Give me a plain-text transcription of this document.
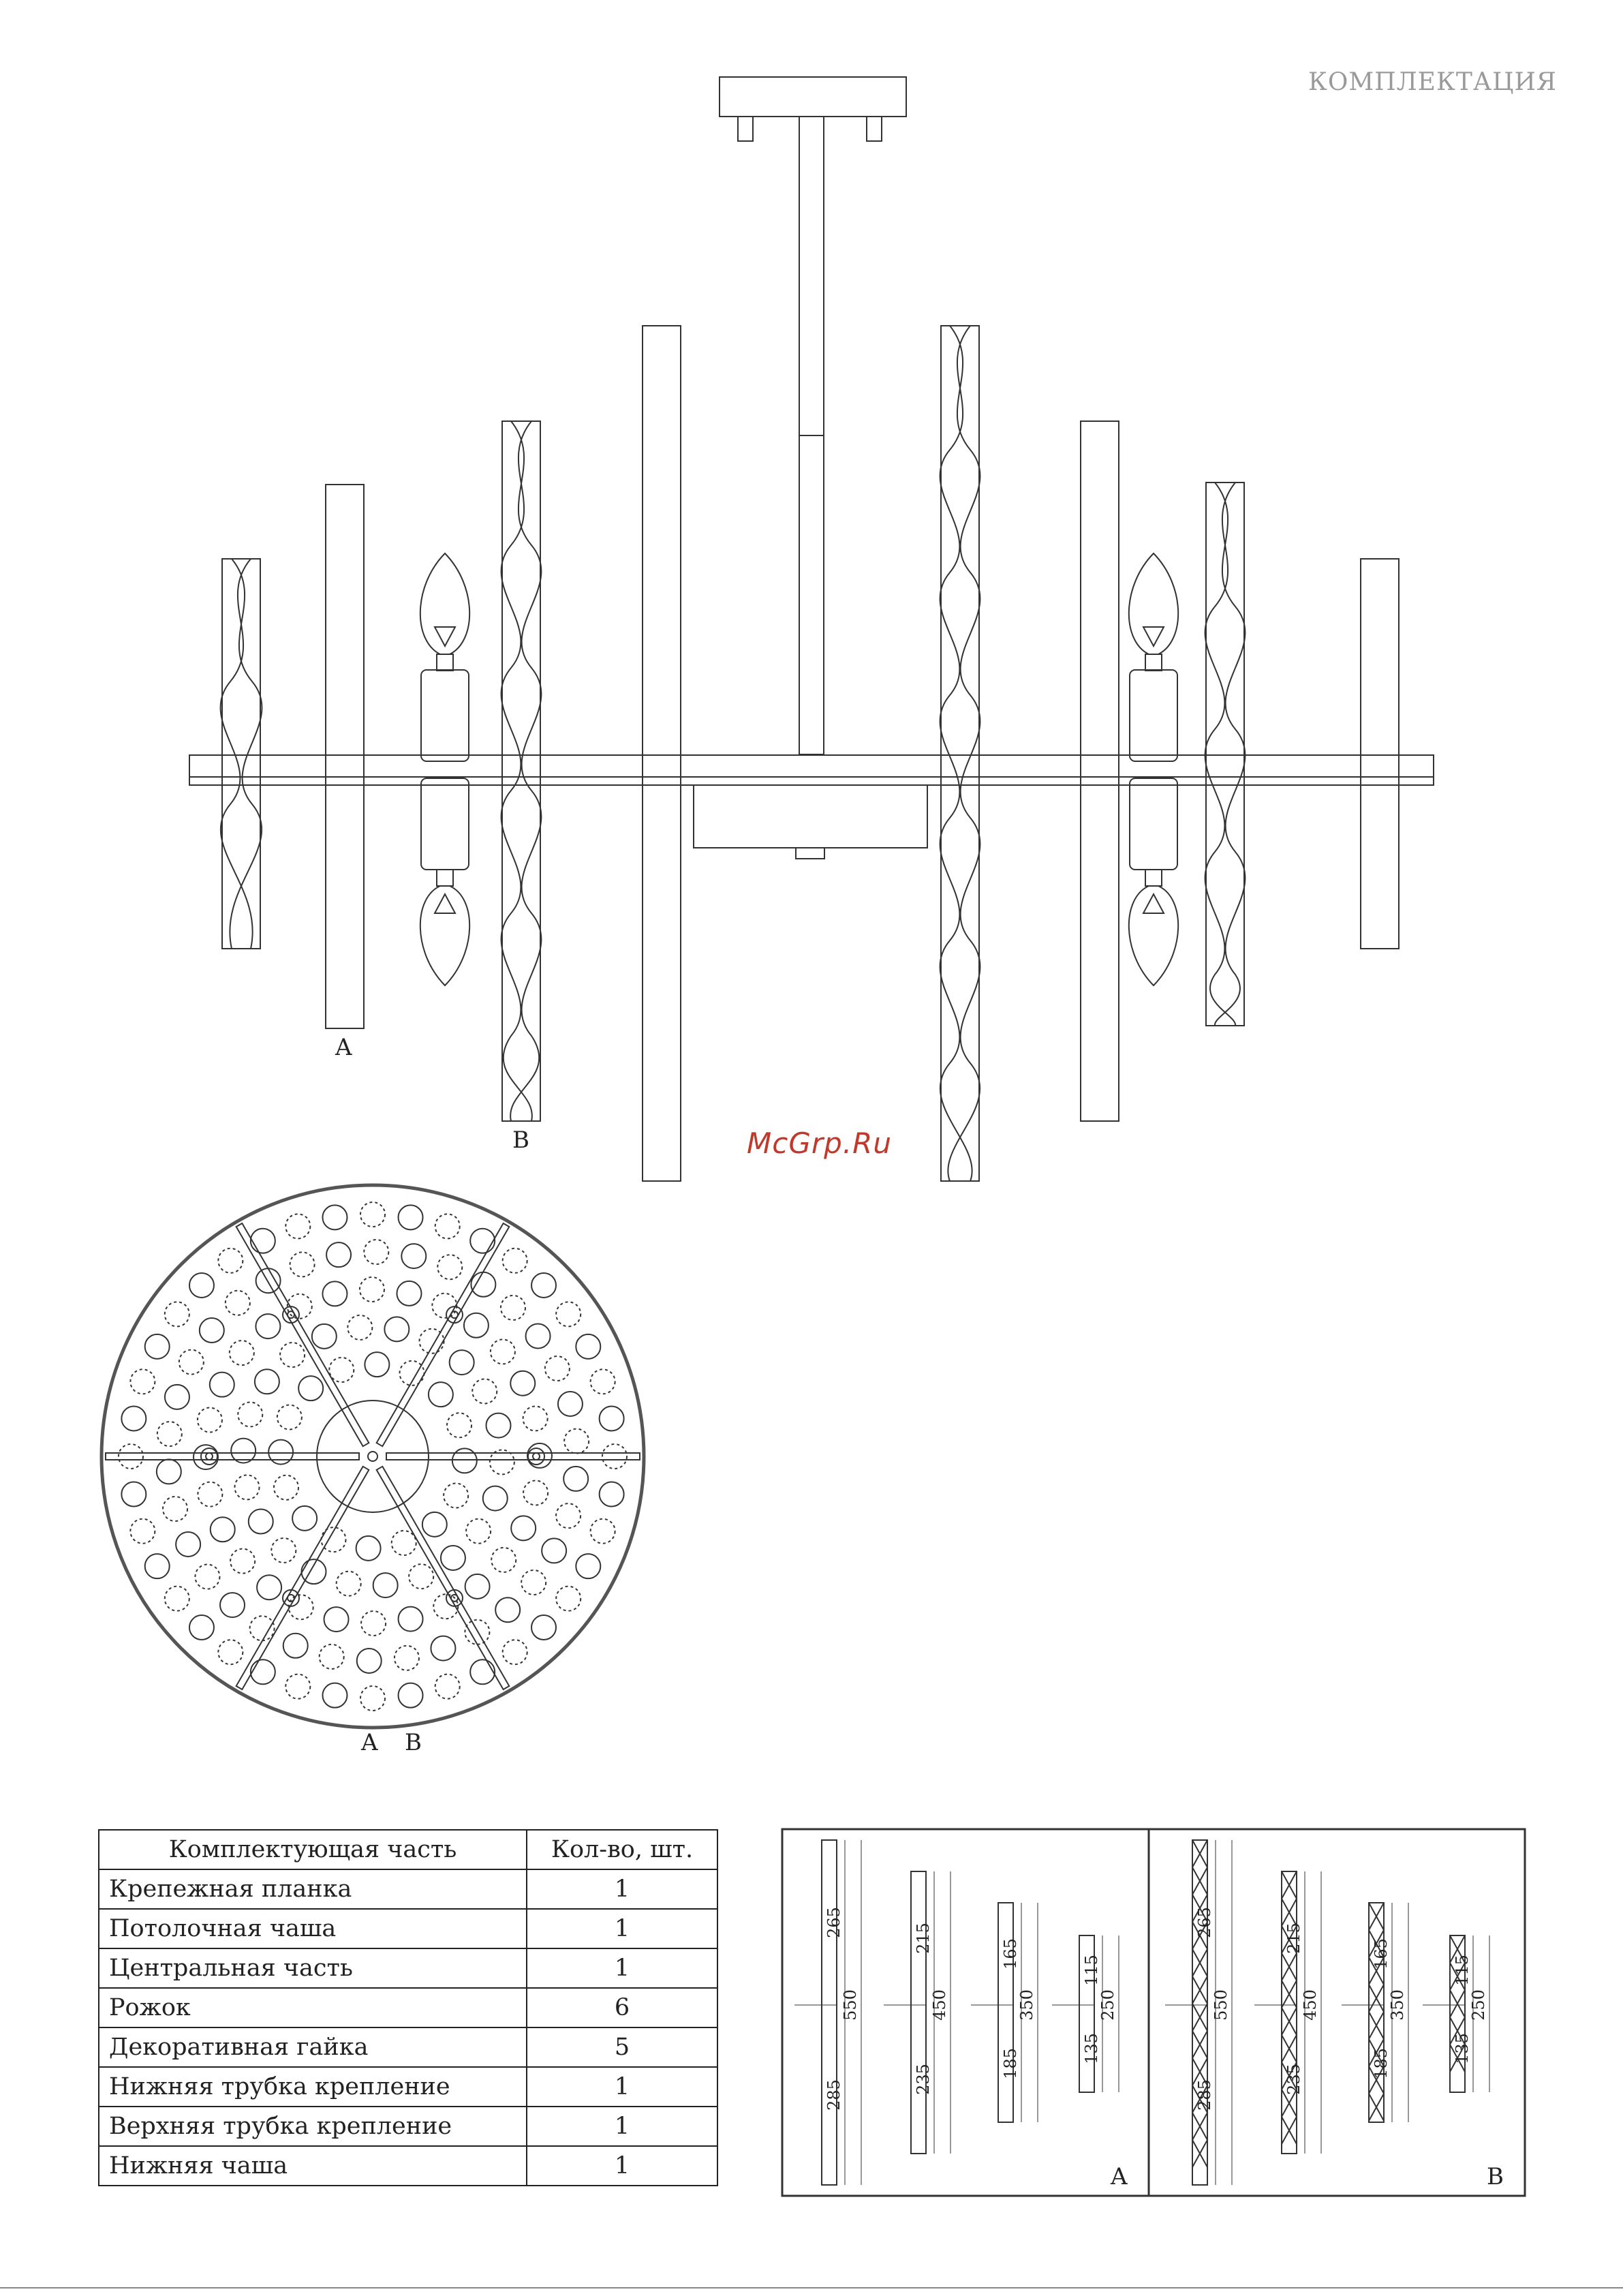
КОМПЛЕКТАЦИЯ
A
B
A B
A	B
265
550
285
215
450
235
165
350
185
115
250
135
265
550
285
215
450
235
165
350
185
115
250
135
McGrp.Ru
Комплектующая часть	Кол-во, шт.
Крепежная планка	1
Потолочная чаша	1
Центральная часть	1
Рожок	6
Декоративная гайка	5
Нижняя трубка крепление	1
Верхняя трубка крепление	1
Нижняя чаша	1
